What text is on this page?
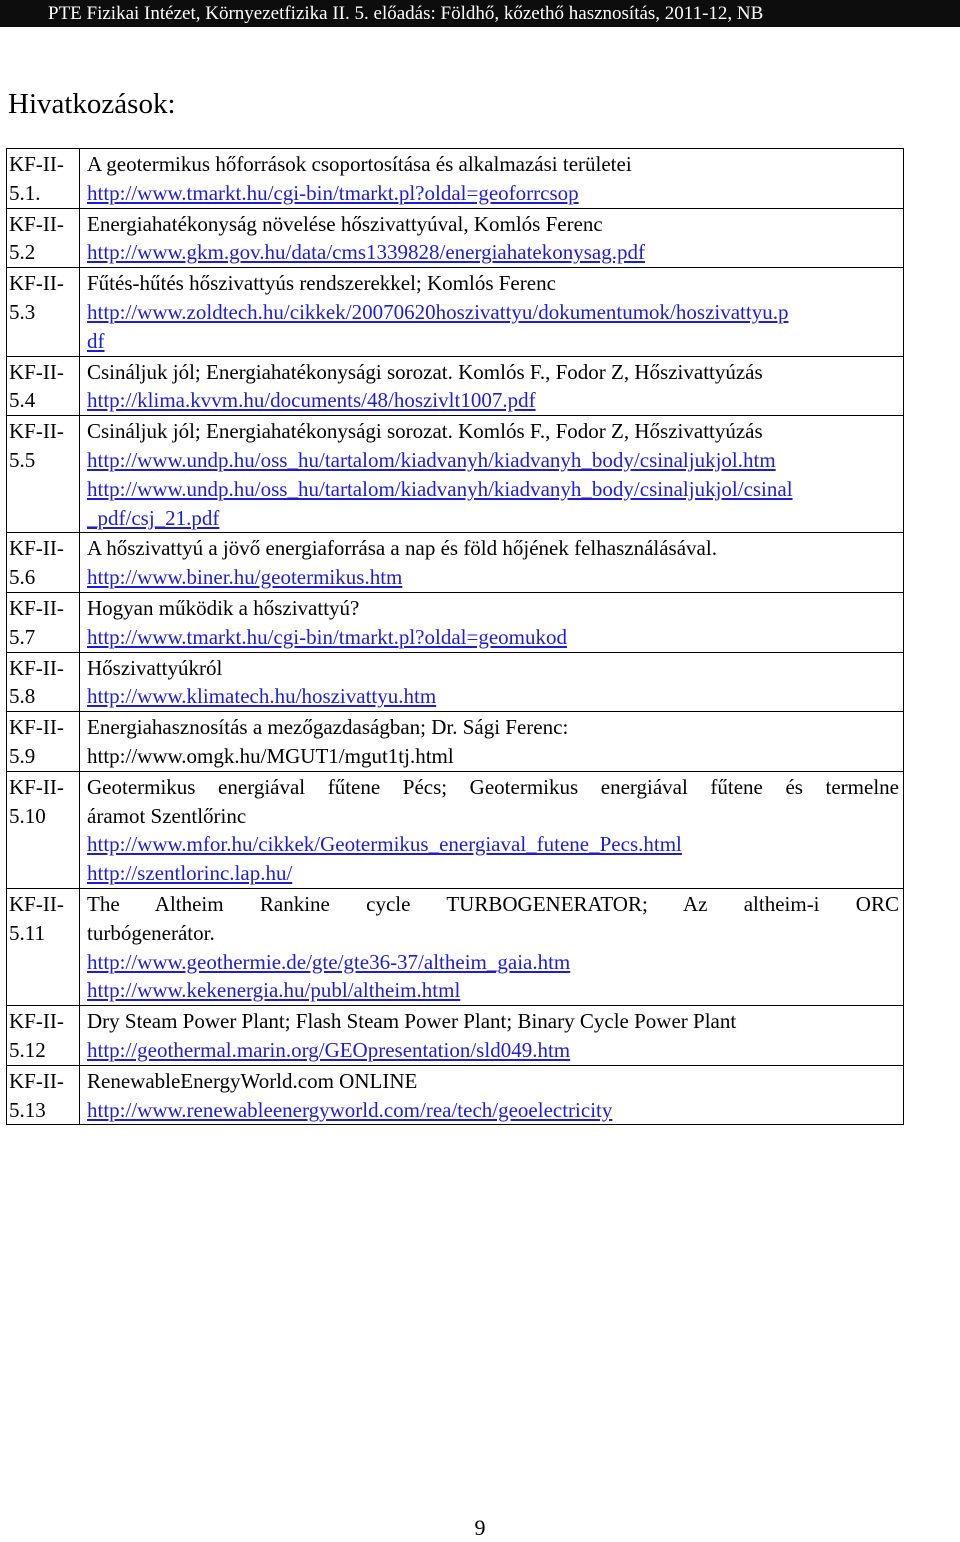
PTE Fizikai Intézet, Környezetfizika II. 5. előadás: Földhő, kőzethő hasznosítás, 2011-12, NB
Hivatkozások:
KF-II-
5.1.	A geotermikus hőforrások csoportosítása és alkalmazási területei
http://www.tmarkt.hu/cgi-bin/tmarkt.pl?oldal=geoforrcsop

KF-II-
5.2	Energiahatékonyság növelése hőszivattyúval, Komlós Ferenc
http://www.gkm.gov.hu/data/cms1339828/energiahatekonysag.pdf

KF-II-
5.3	Fűtés-hűtés hőszivattyús rendszerekkel; Komlós Ferenc
http://www.zoldtech.hu/cikkek/20070620hoszivattyu/dokumentumok/hoszivattyu.p
df

KF-II-
5.4	Csináljuk jól; Energiahatékonysági sorozat. Komlós F., Fodor Z, Hőszivattyúzás
http://klima.kvvm.hu/documents/48/hoszivlt1007.pdf

KF-II-
5.5	Csináljuk jól; Energiahatékonysági sorozat. Komlós F., Fodor Z, Hőszivattyúzás
http://www.undp.hu/oss_hu/tartalom/kiadvanyh/kiadvanyh_body/csinaljukjol.htm
http://www.undp.hu/oss_hu/tartalom/kiadvanyh/kiadvanyh_body/csinaljukjol/csinal
_pdf/csj_21.pdf

KF-II-
5.6	A hőszivattyú a jövő energiaforrása a nap és föld hőjének felhasználásával.
http://www.biner.hu/geotermikus.htm

KF-II-
5.7	Hogyan működik a hőszivattyú?
http://www.tmarkt.hu/cgi-bin/tmarkt.pl?oldal=geomukod

KF-II-
5.8	Hőszivattyúkról
http://www.klimatech.hu/hoszivattyu.htm

KF-II-
5.9	Energiahasznosítás a mezőgazdaságban; Dr. Sági Ferenc:
http://www.omgk.hu/MGUT1/mgut1tj.html

KF-II-
5.10	Geotermikus energiával fűtene Pécs; Geotermikus energiával fűtene és termelne
áramot Szentlőrinc
http://www.mfor.hu/cikkek/Geotermikus_energiaval_futene_Pecs.html
http://szentlorinc.lap.hu/

KF-II-
5.11	The Altheim Rankine cycle TURBOGENERATOR; Az altheim-i ORC
turbógenerátor.
http://www.geothermie.de/gte/gte36-37/altheim_gaia.htm
http://www.kekenergia.hu/publ/altheim.html

KF-II-
5.12	Dry Steam Power Plant; Flash Steam Power Plant; Binary Cycle Power Plant
http://geothermal.marin.org/GEOpresentation/sld049.htm

KF-II-
5.13	RenewableEnergyWorld.com ONLINE
http://www.renewableenergyworld.com/rea/tech/geoelectricity
9
